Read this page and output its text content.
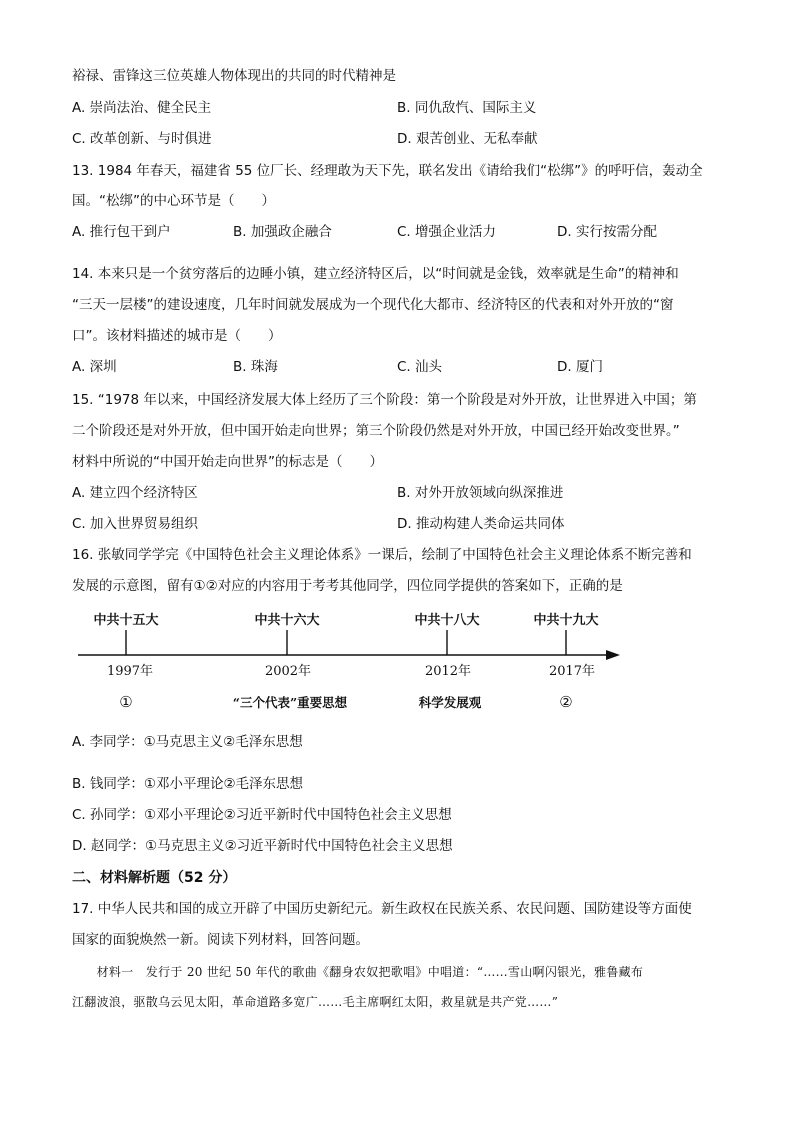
裕禄、雷锋这三位英雄人物体现出的共同的时代精神是
A. 崇尚法治、健全民主	B. 同仇敌忾、国际主义
C. 改革创新、与时俱进	D. 艰苦创业、无私奉献
13. 1984 年春天，福建省 55 位厂长、经理敢为天下先，联名发出《请给我们“松绑”》的呼吁信，轰动全
国。“松绑”的中心环节是（　　）
A. 推行包干到户	B. 加强政企融合	C. 增强企业活力	D. 实行按需分配
14. 本来只是一个贫穷落后的边睡小镇，建立经济特区后，以“时间就是金钱，效率就是生命”的精神和
“三天一层楼”的建设速度，几年时间就发展成为一个现代化大都市、经济特区的代表和对外开放的“窗
口”。该材料描述的城市是（　　）
A. 深圳	B. 珠海	C. 汕头	D. 厦门
15. “1978 年以来，中国经济发展大体上经历了三个阶段：第一个阶段是对外开放，让世界进入中国；第
二个阶段还是对外开放，但中国开始走向世界；第三个阶段仍然是对外开放，中国已经开始改变世界。”
材料中所说的“中国开始走向世界”的标志是（　　）
A. 建立四个经济特区	B. 对外开放领域向纵深推进
C. 加入世界贸易组织	D. 推动构建人类命运共同体
16. 张敏同学学完《中国特色社会主义理论体系》一课后，绘制了中国特色社会主义理论体系不断完善和
发展的示意图，留有①②对应的内容用于考考其他同学，四位同学提供的答案如下，正确的是
中共十五大	中共十六大	中共十八大	中共十九大
1997年	2002年	2012年	2017年
①	“三个代表”重要思想	科学发展观	②
A. 李同学：①马克思主义②毛泽东思想
B. 钱同学：①邓小平理论②毛泽东思想
C. 孙同学：①邓小平理论②习近平新时代中国特色社会主义思想
D. 赵同学：①马克思主义②习近平新时代中国特色社会主义思想
二、材料解析题（52 分）
17. 中华人民共和国的成立开辟了中国历史新纪元。新生政权在民族关系、农民问题、国防建设等方面使
国家的面貌焕然一新。阅读下列材料，回答问题。
　　材料一　发行于 20 世纪 50 年代的歌曲《翻身农奴把歌唱》中唱道：“……雪山啊闪银光，雅鲁藏布
江翻波浪，驱散乌云见太阳，革命道路多宽广……毛主席啊红太阳，救星就是共产党……”
